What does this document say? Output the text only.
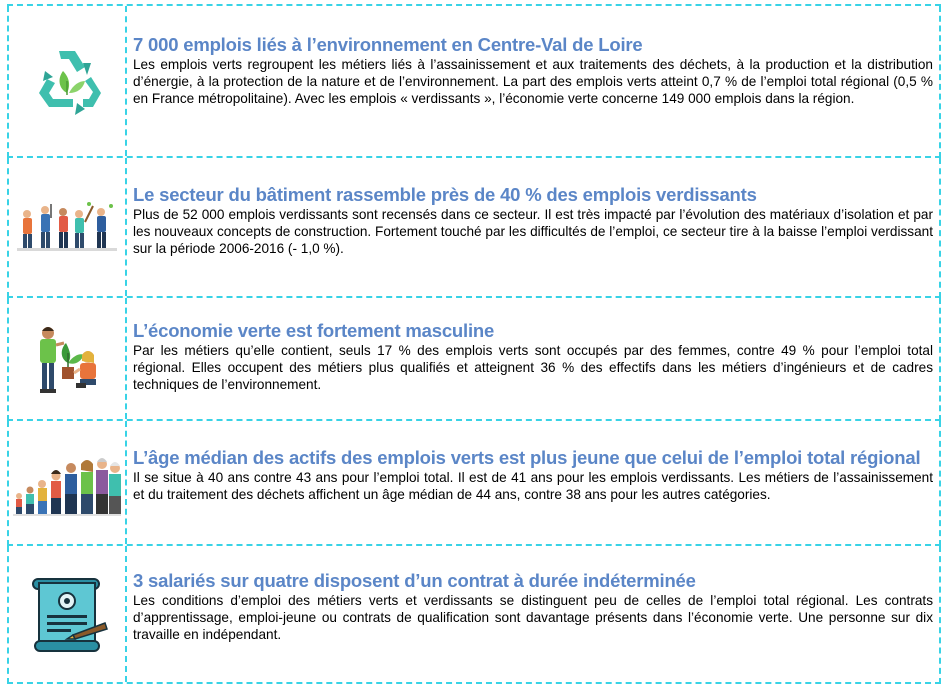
7 000 emplois liés à l’environnement en Centre-Val de Loire

Les emplois verts regroupent les métiers liés à l’assainissement et aux traitements des déchets, à la production et la distribution d’énergie, à la protection de la nature et de l’environnement. La part des emplois verts atteint 0,7 % de l’emploi total régional (0,5 % en France métropolitaine). Avec les emplois « verdissants », l’économie verte concerne 149 000 emplois dans la région.

Le secteur du bâtiment rassemble près de 40 % des emplois verdissants

Plus de 52 000 emplois verdissants sont recensés dans ce secteur. Il est très impacté par l’évolution des matériaux d’isolation et par les nouveaux concepts de construction. Fortement touché par les difficultés de l’emploi, ce secteur tire à la baisse l’emploi verdissant sur la période 2006-2016 (- 1,0 %).

L’économie verte est fortement masculine

Par les métiers qu’elle contient, seuls 17 % des emplois verts sont occupés par des femmes, contre 49 % pour l’emploi total régional. Elles occupent des métiers plus qualifiés et atteignent 36 % des effectifs dans les métiers d’ingénieurs et de cadres techniques de l’environnement.

L’âge médian des actifs des emplois verts est plus jeune que celui de l’emploi total régional

Il se situe à 40 ans contre 43 ans pour l’emploi total. Il est de 41 ans pour les emplois verdissants. Les métiers de l’assainissement et du traitement des déchets affichent un âge médian de 44 ans, contre 38 ans pour les autres catégories.

3 salariés sur quatre disposent d’un contrat à durée indéterminée

Les conditions d’emploi des métiers verts et verdissants se distinguent peu de celles de l’emploi total régional. Les contrats d’apprentissage, emploi-jeune ou contrats de qualification sont davantage présents dans l’économie verte. Une personne sur dix travaille en indépendant.
